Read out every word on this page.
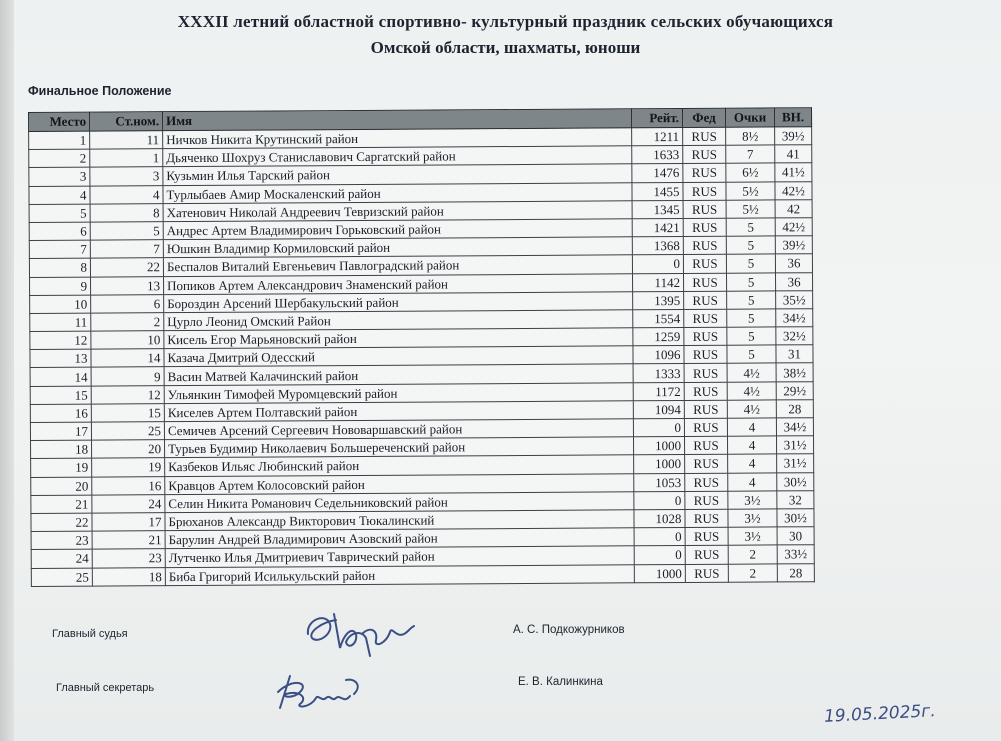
XXXII летний областной спортивно- культурный праздник сельских обучающихся
Омской области, шахматы, юноши
Финальное Положение
Место	Ст.ном.	Имя	Рейт.	Фед	Очки	ВН.
1	11	Ничков Никита Крутинский район	1211	RUS	8½	39½
2	1	Дьяченко Шохруз Станиславович Саргатский район	1633	RUS	7	41
3	3	Кузьмин Илья Тарский район	1476	RUS	6½	41½
4	4	Турлыбаев Амир Москаленский район	1455	RUS	5½	42½
5	8	Хатенович Николай Андреевич Тевризский район	1345	RUS	5½	42
6	5	Андрес Артем Владимирович Горьковский район	1421	RUS	5	42½
7	7	Юшкин Владимир Кормиловский район	1368	RUS	5	39½
8	22	Беспалов Виталий Евгеньевич Павлоградский район	0	RUS	5	36
9	13	Попиков Артем Александрович Знаменский район	1142	RUS	5	36
10	6	Бороздин Арсений Шербакульский район	1395	RUS	5	35½
11	2	Цурло Леонид Омский Район	1554	RUS	5	34½
12	10	Кисель Егор Марьяновский район	1259	RUS	5	32½
13	14	Казача Дмитрий Одесский	1096	RUS	5	31
14	9	Васин Матвей Калачинский район	1333	RUS	4½	38½
15	12	Ульянкин Тимофей Муромцевский район	1172	RUS	4½	29½
16	15	Киселев Артем Полтавский район	1094	RUS	4½	28
17	25	Семичев Арсений Сергеевич Нововаршавский район	0	RUS	4	34½
18	20	Турьев Будимир Николаевич Большереченский район	1000	RUS	4	31½
19	19	Казбеков Ильяс Любинский район	1000	RUS	4	31½
20	16	Кравцов Артем Колосовский район	1053	RUS	4	30½
21	24	Селин Никита Романович Седельниковский район	0	RUS	3½	32
22	17	Брюханов Александр Викторович Тюкалинский	1028	RUS	3½	30½
23	21	Барулин Андрей Владимирович Азовский район	0	RUS	3½	30
24	23	Лутченко Илья Дмитриевич Таврический район	0	RUS	2	33½
25	18	Биба Григорий Исилькульский район	1000	RUS	2	28
Главный судья	А. С. Подкожурников
Главный секретарь	Е. В. Калинкина
19.05.2025г.
